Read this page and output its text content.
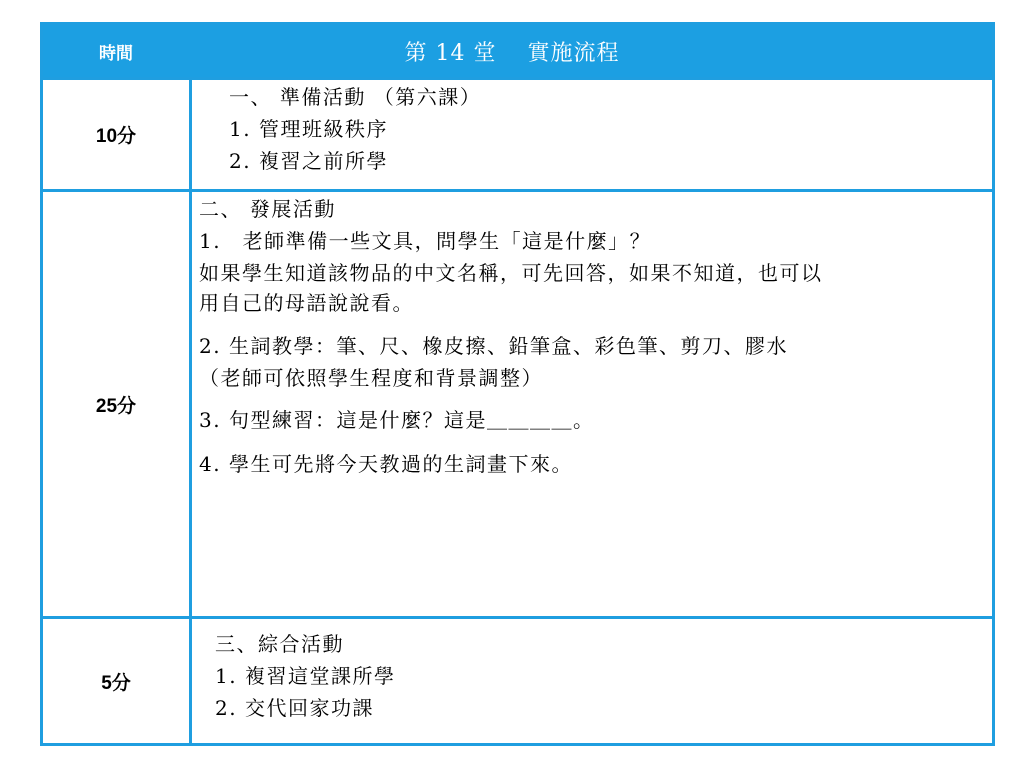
時間	第 14 堂　 實施流程
10分
一、 準備活動 （第六課）
1. 管理班級秩序
2. 複習之前所學
25分
二、 發展活動
1.　老師準備一些文具，問學生「這是什麼」？
如果學生知道該物品的中文名稱，可先回答，如果不知道，也可以
用自己的母語說說看。
2. 生詞教學：筆、尺、橡皮擦、鉛筆盒、彩色筆、剪刀、膠水
（老師可依照學生程度和背景調整）
3. 句型練習：這是什麼？這是＿＿＿＿。
4. 學生可先將今天教過的生詞畫下來。
5分
三、綜合活動
1. 複習這堂課所學
2. 交代回家功課
